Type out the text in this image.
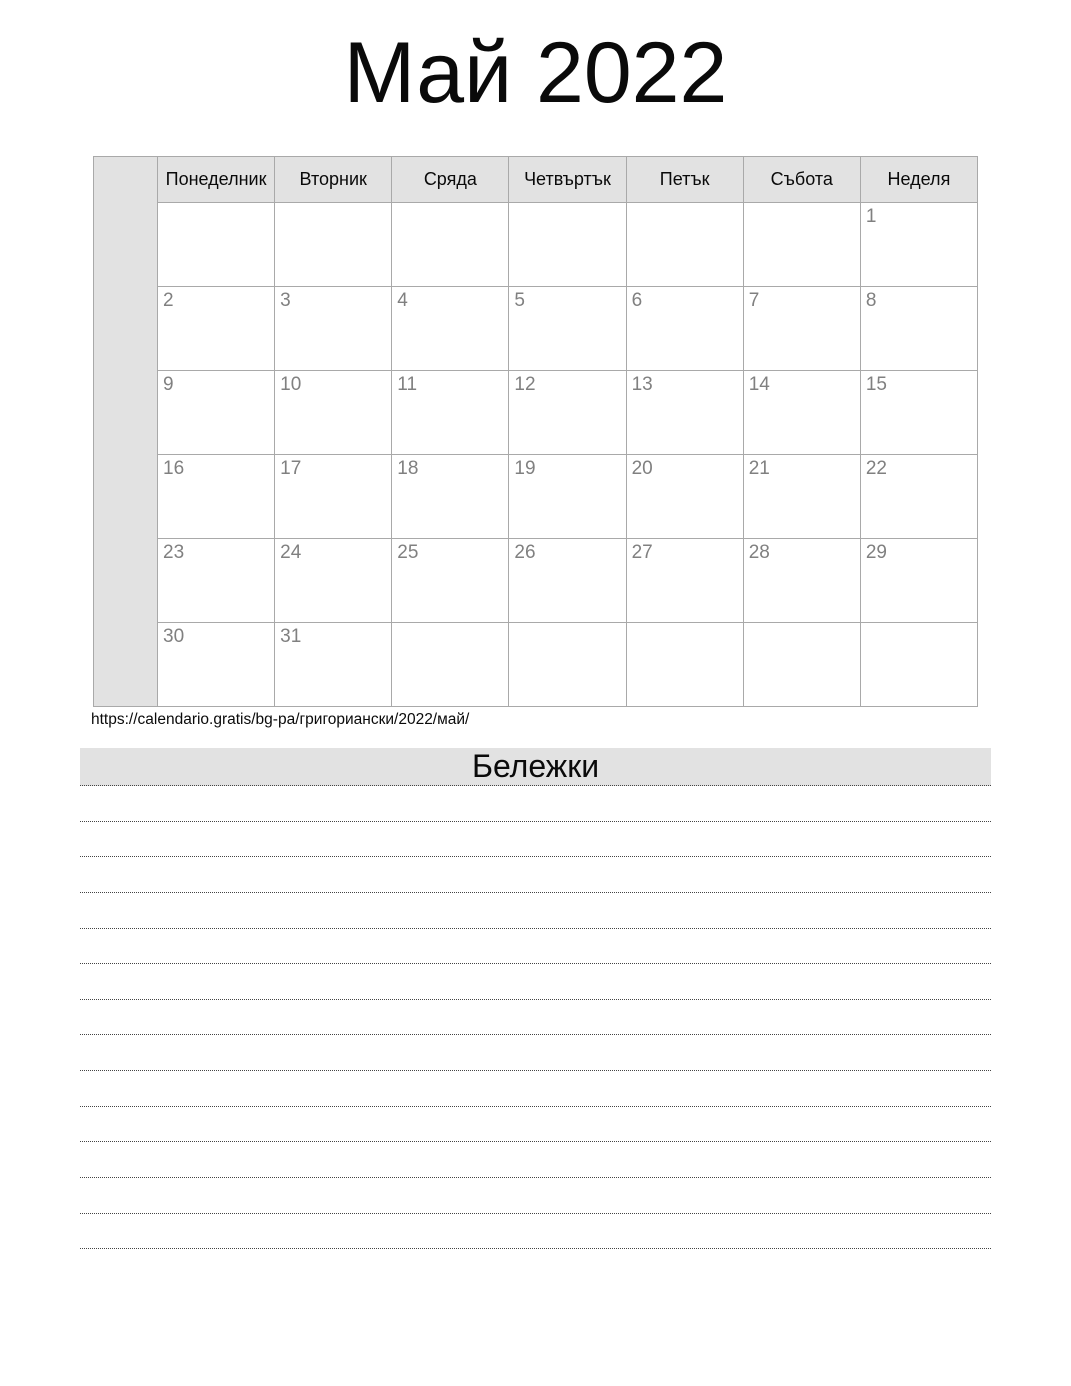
Май 2022
	Понеделник	Вторник	Сряда	Четвъртък	Петък	Събота	Неделя
							1
	2	3	4	5	6	7	8
	9	10	11	12	13	14	15
	16	17	18	19	20	21	22
	23	24	25	26	27	28	29
	30	31					
https://calendario.gratis/bg-pa/григориански/2022/май/
Бележки
